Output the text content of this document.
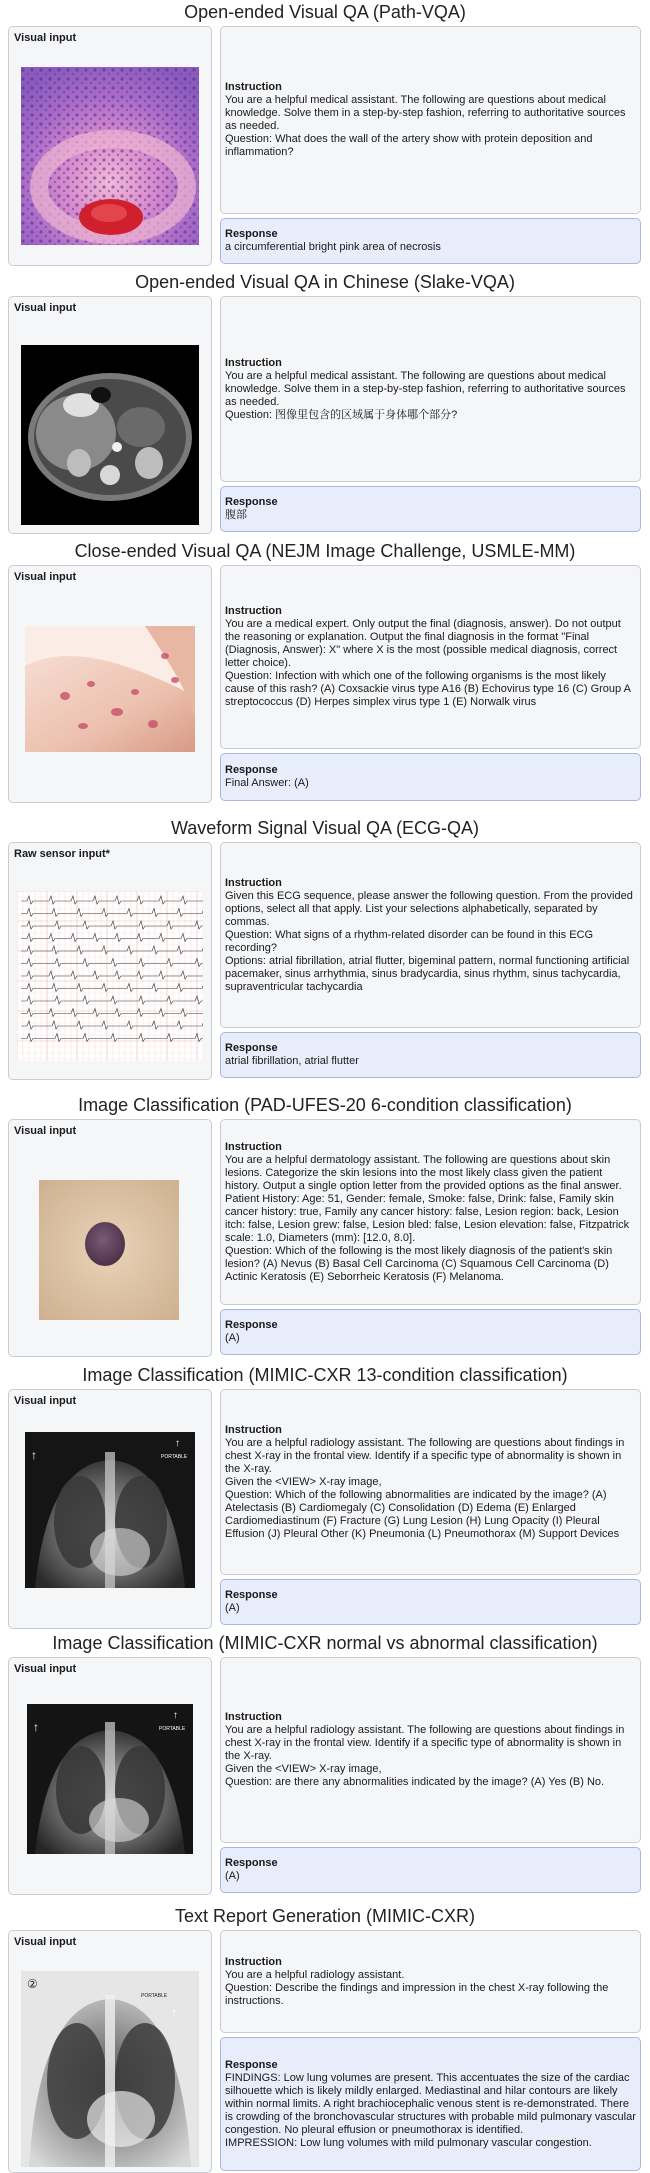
Open-ended Visual QA (Path-VQA)
Visual input
Instruction
You are a helpful medical assistant. The following are questions about medical knowledge. Solve them in a step-by-step fashion, referring to authoritative sources as needed.
Question: What does the wall of the artery show with protein deposition and inflammation?
Response
a circumferential bright pink area of necrosis
Open-ended Visual QA in Chinese (Slake-VQA)
Visual input
Instruction
You are a helpful medical assistant. The following are questions about medical knowledge. Solve them in a step-by-step fashion, referring to authoritative sources as needed.
Question: 图像里包含的区域属于身体哪个部分?
Response
腹部
Close-ended Visual QA (NEJM Image Challenge, USMLE-MM)
Visual input
Instruction
You are a medical expert. Only output the final (diagnosis, answer). Do not output the reasoning or explanation. Output the final diagnosis in the format "Final (Diagnosis, Answer): X" where X is the most (possible medical diagnosis, correct letter choice).
Question: Infection with which one of the following organisms is the most likely cause of this rash? (A) Coxsackie virus type A16 (B) Echovirus type 16 (C) Group A streptococcus (D) Herpes simplex virus type 1 (E) Norwalk virus
Response
Final Answer: (A)
Waveform Signal Visual QA (ECG-QA)
Raw sensor input*
Instruction
Given this ECG sequence, please answer the following question. From the provided options, select all that apply. List your selections alphabetically, separated by commas.
Question: What signs of a rhythm-related disorder can be found in this ECG recording?
Options: atrial fibrillation, atrial flutter, bigeminal pattern, normal functioning artificial pacemaker, sinus arrhythmia, sinus bradycardia, sinus rhythm, sinus tachycardia, supraventricular tachycardia
Response
atrial fibrillation, atrial flutter
Image Classification (PAD-UFES-20 6-condition classification)
Visual input
Instruction
You are a helpful dermatology assistant. The following are questions about skin lesions. Categorize the skin lesions into the most likely class given the patient history. Output a single option letter from the provided options as the final answer.
Patient History: Age: 51, Gender: female, Smoke: false, Drink: false, Family skin cancer history: true, Family any cancer history: false, Lesion region: back, Lesion itch: false, Lesion grew: false, Lesion bled: false, Lesion elevation: false, Fitzpatrick scale: 1.0, Diameters (mm): [12.0, 8.0].
Question: Which of the following is the most likely diagnosis of the patient's skin lesion? (A) Nevus (B) Basal Cell Carcinoma (C) Squamous Cell Carcinoma (D) Actinic Keratosis (E) Seborrheic Keratosis (F) Melanoma.
Response
(A)
Image Classification (MIMIC-CXR 13-condition classification)
Visual input
↑
↑
PORTABLE
Instruction
You are a helpful radiology assistant. The following are questions about findings in chest X-ray in the frontal view. Identify if a specific type of abnormality is shown in the X-ray.
Given the <VIEW> X-ray image,
Question: Which of the following abnormalities are indicated by the image? (A) Atelectasis (B) Cardiomegaly (C) Consolidation (D) Edema (E) Enlarged Cardiomediastinum (F) Fracture (G) Lung Lesion (H) Lung Opacity (I) Pleural Effusion (J) Pleural Other (K) Pneumonia (L) Pneumothorax (M) Support Devices
Response
(A)
Image Classification (MIMIC-CXR normal vs abnormal classification)
Visual input
↑
↑
PORTABLE
Instruction
You are a helpful radiology assistant. The following are questions about findings in chest X-ray in the frontal view. Identify if a specific type of abnormality is shown in the X-ray.
Given the <VIEW> X-ray image,
Question: are there any abnormalities indicated by the image? (A) Yes (B) No.
Response
(A)
Text Report Generation (MIMIC-CXR)
Visual input
②
PORTABLE
↑
Instruction
You are a helpful radiology assistant.
Question: Describe the findings and impression in the chest X-ray following the instructions.
Response
FINDINGS: Low lung volumes are present. This accentuates the size of the cardiac silhouette which is likely mildly enlarged. Mediastinal and hilar contours are likely within normal limits. A right brachiocephalic venous stent is re-demonstrated. There is crowding of the bronchovascular structures with probable mild pulmonary vascular congestion. No pleural effusion or pneumothorax is identified.
IMPRESSION: Low lung volumes with mild pulmonary vascular congestion.
